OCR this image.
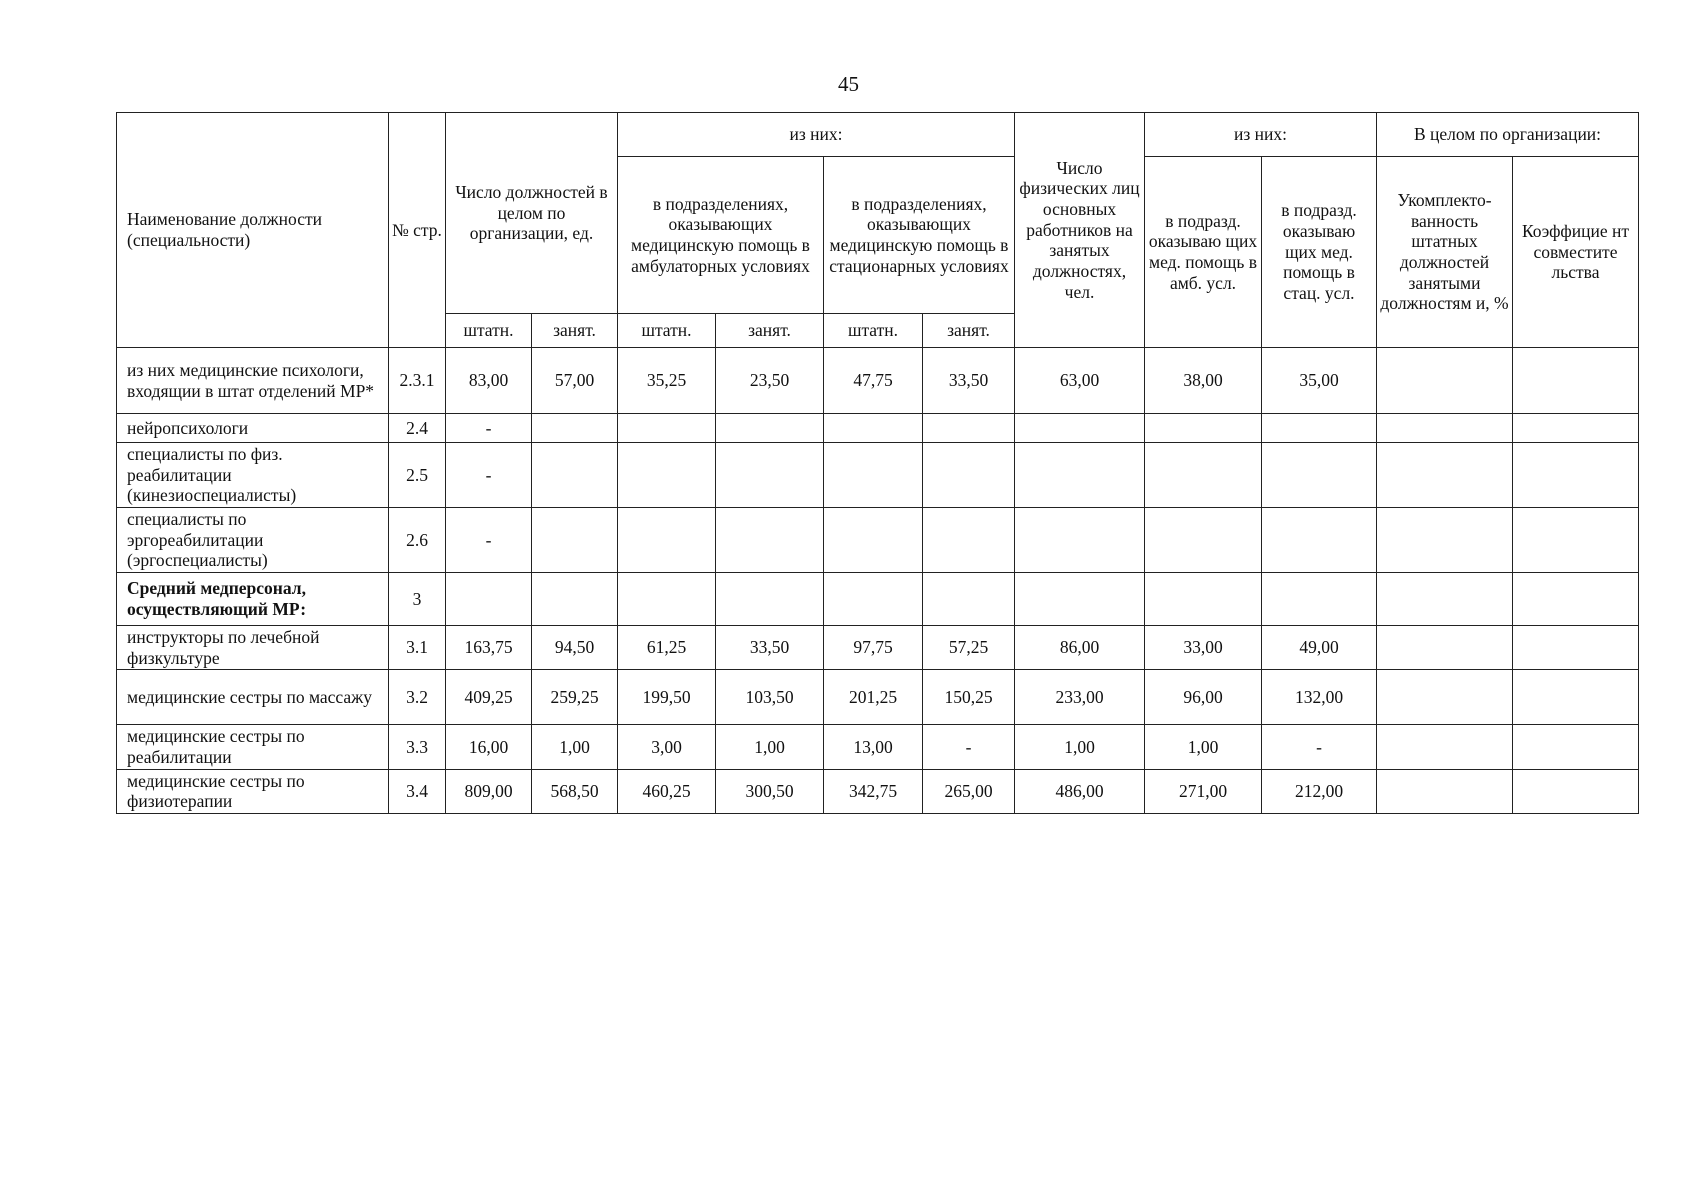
45
Наименование должности (специальности)	№ стр.	Число должностей в целом по организации, ед.		из них:				Число физических лиц основных работников на занятых должностях, чел.	из них:		В целом по организации:	
				в подразделениях, оказывающих медицинскую помощь в амбулаторных условиях		в подразделениях, оказывающих медицинскую помощь в стационарных условиях			в подразд. оказываю щих мед. помощь в амб. усл.	в подразд. оказываю щих мед. помощь в стац. усл.	Укомплекто-ванность штатных должностей занятыми должностям и, %	Коэффицие нт совместите льства
		штатн.	занят.	штатн.	занят.	штатн.	занят.					
из них медицинские психологи, входящии в штат отделений МР*	2.3.1	83,00	57,00	35,25	23,50	47,75	33,50	63,00	38,00	35,00		
нейропсихологи	2.4	-										
специалисты по физ. реабилитации (кинезиоспециалисты)	2.5	-										
специалисты по эргореабилитации (эргоспециалисты)	2.6	-										
Средний медперсонал, осуществляющий МР:	3											
инструкторы по лечебной физкультуре	3.1	163,75	94,50	61,25	33,50	97,75	57,25	86,00	33,00	49,00		
медицинские сестры по массажу	3.2	409,25	259,25	199,50	103,50	201,25	150,25	233,00	96,00	132,00		
медицинские сестры по реабилитации	3.3	16,00	1,00	3,00	1,00	13,00	-	1,00	1,00	-		
медицинские сестры по физиотерапии	3.4	809,00	568,50	460,25	300,50	342,75	265,00	486,00	271,00	212,00		
